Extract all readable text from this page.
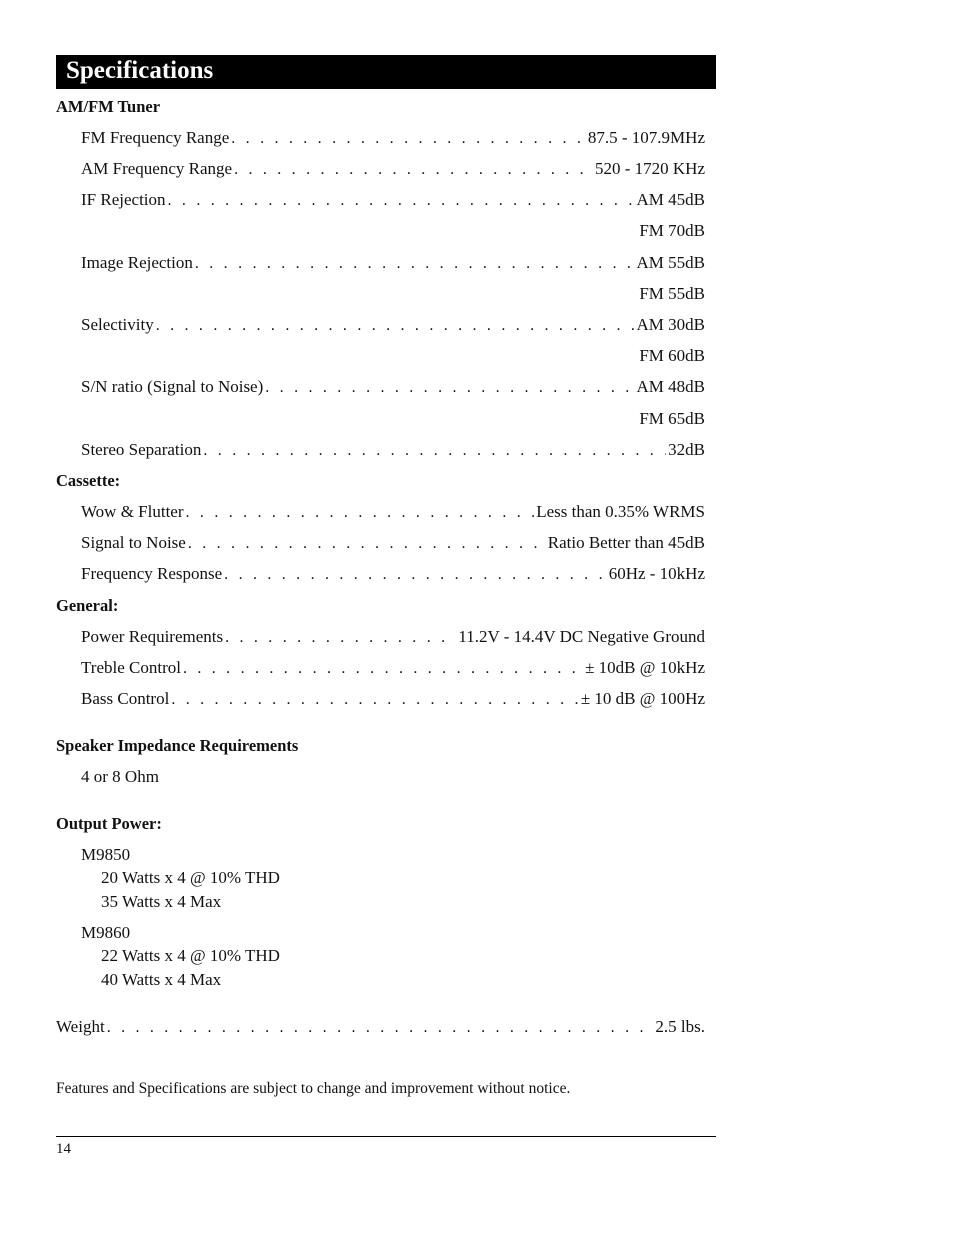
Specifications
AM/FM Tuner
FM Frequency Range . . .	87.5 - 107.9MHz
AM Frequency Range . . .	520 - 1720 KHz
IF Rejection . . .	AM 45dB
FM 70dB
Image Rejection . . .	AM 55dB
FM 55dB
Selectivity . . .	AM 30dB
FM 60dB
S/N ratio (Signal to Noise) . . .	AM 48dB
FM 65dB
Stereo Separation . . .	32dB
Cassette:
Wow & Flutter . . .	Less than 0.35% WRMS
Signal to Noise . . .	Ratio Better than 45dB
Frequency Response . . .	60Hz - 10kHz
General:
Power Requirements . . .	11.2V - 14.4V DC Negative Ground
Treble Control . . .	± 10dB @ 10kHz
Bass Control . . .	± 10 dB @ 100Hz
Speaker Impedance Requirements
4 or 8 Ohm
Output Power:
M9850
20 Watts x 4 @ 10% THD
35 Watts x 4 Max
M9860
22 Watts x 4 @ 10% THD
40 Watts x 4 Max
Weight . . .	2.5 lbs.
Features and Specifications are subject to change and improvement without notice.
14
